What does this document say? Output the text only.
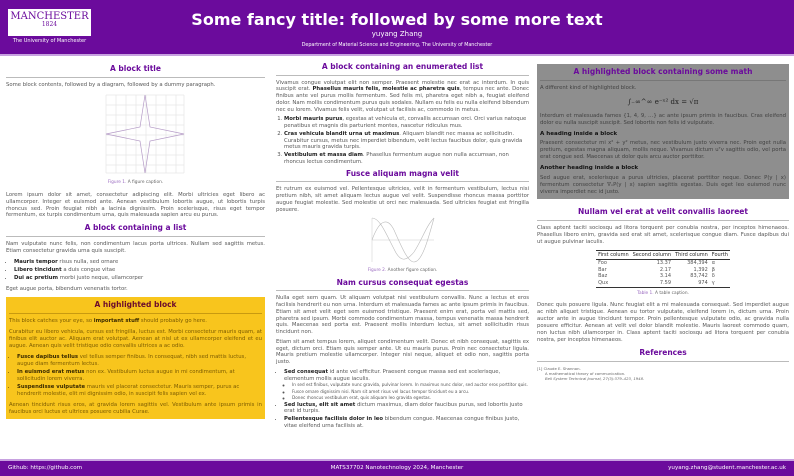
MANCHESTER
1824
The University of Manchester
Some fancy title: followed by some more text
yuyang Zhang
Department of Material Science and Engineering, The University of Manchester
A block title

Some block contents, followed by a diagram, followed by a dummy paragraph.

Figure 1. A figure caption.

Lorem ipsum dolor sit amet, consectetur adipiscing elit. Morbi ultricies eget libero ac ullamcorper. Integer et euismod ante. Aenean vestibulum lobortis augue, ut lobortis turpis rhoncus sed. Proin feugiat nibh a lacinia dignissim. Proin scelerisque, risus eget tempor fermentum, ex turpis condimentum urna, quis malesuada sapien arcu eu purus.

A block containing a list

Nam vulputate nunc felis, non condimentum lacus porta ultrices. Nullam sed sagittis metus. Etiam consectetur gravida urna quis suscipit.

• Mauris tempor risus nulla, sed ornare
• Libero tincidunt a duis congue vitae
• Dui ac pretium morbi justo neque, ullamcorper

Eget augue porta, bibendum venenatis tortor.

A highlighted block

This block catches your eye, so important stuff should probably go here.

Curabitur eu libero vehicula, cursus est fringilla, luctus est. Morbi consectetur mauris quam, at finibus elit auctor ac. Aliquam erat volutpat. Aenean at nisl ut ex ullamcorper eleifend et eu augue. Aenean quis velit tristique odio convallis ultrices a ac odio.

• Fusce dapibus tellus vel tellus semper finibus. In consequat, nibh sed mattis luctus, augue diam fermentum lectus.
• In euismod erat metus non ex. Vestibulum luctus augue in mi condimentum, at sollicitudin lorem viverra.
• Suspendisse vulputate mauris vel placerat consectetur. Mauris semper, purus ac hendrerit molestie, elit mi dignissim odio, in suscipit felis sapien vel ex.

Aenean tincidunt risus eros, at gravida lorem sagittis vel. Vestibulum ante ipsum primis in faucibus orci luctus et ultrices posuere cubilia Curae.

A block containing an enumerated list

Vivamus congue volutpat elit non semper. Praesent molestie nec erat ac interdum. In quis suscipit erat. Phasellus mauris felis, molestie ac pharetra quis, tempus nec ante. Donec finibus ante vel purus mollis fermentum. Sed felis mi, pharetra eget nibh a, feugiat eleifend dolor. Nam mollis condimentum purus quis sodales. Nullam eu felis eu nulla eleifend bibendum nec eu lorem. Vivamus felis velit, volutpat ut facilisis ac, commodo in metus.

1. Morbi mauris purus, egestas at vehicula et, convallis accumsan orci. Orci varius natoque penatibus et magnis dis parturient montes, nascetur ridiculus mus.
2. Cras vehicula blandit urna ut maximus. Aliquam blandit nec massa ac sollicitudin. Curabitur cursus, metus nec imperdiet bibendum, velit lectus faucibus dolor, quis gravida metus mauris gravida turpis.
3. Vestibulum et massa diam. Phasellus fermentum augue non nulla accumsan, non rhoncus lectus condimentum.
Fusce aliquam magna velit

Et rutrum ex euismod vel. Pellentesque ultricies, velit in fermentum vestibulum, lectus nisi pretium nibh, sit amet aliquam lectus augue vel velit. Suspendisse rhoncus massa porttitor augue feugiat molestie. Sed molestie ut orci nec malesuada. Sed ultricies feugiat est fringilla posuere.

Figure 2. Another figure caption.
Nam cursus consequat egestas

Nulla eget sem quam. Ut aliquam volutpat nisi vestibulum convallis. Nunc a lectus et eros facilisis hendrerit eu non urna. Interdum et malesuada fames ac ante ipsum primis in faucibus. Etiam sit amet velit eget sem euismod tristique. Praesent enim erat, porta vel mattis sed, pharetra sed ipsum. Morbi commodo condimentum massa, tempus venenatis massa hendrerit quis. Maecenas sed porta est. Praesent mollis interdum lectus, sit amet sollicitudin risus tincidunt non.

Etiam sit amet tempus lorem, aliquet condimentum velit. Donec et nibh consequat, sagittis ex eget, dictum orci. Etiam quis semper ante. Ut eu mauris purus. Proin nec consectetur ligula. Mauris pretium molestie ullamcorper. Integer nisi neque, aliquet et odio non, sagittis porta justo.

• Sed consequat id ante vel efficitur. Praesent congue massa sed est scelerisque, elementum mollis augue iaculis.
◦ In sed est finibus, vulputate nunc gravida, pulvinar lorem. In maximus nunc dolor, sed auctor eros porttitor quis.
◦ Fusce ornare dignissim nisi. Nam sit amet risus vel lacus tempor tincidunt eu a arcu.
◦ Donec rhoncus vestibulum erat, quis aliquam leo gravida egestas.
• Sed luctus, elit sit amet dictum maximus, diam dolor faucibus purus, sed lobortis justo erat id turpis.
• Pellentesque facilisis dolor in leo bibendum congue. Maecenas congue finibus justo, vitae eleifend urna facilisis at.
A highlighted block containing some math

A different kind of highlighted block.

∫₋∞^∞ e⁻ˣ² dx = √π

Interdum et malesuada fames {1, 4, 9, …} ac ante ipsum primis in faucibus. Cras eleifend dolor eu nulla suscipit suscipit. Sed lobortis non felis id vulputate.

A heading inside a block

Praesent consectetur mi x² + y² metus, nec vestibulum justo viverra nec. Proin eget nulla pretium, egestas magna aliquam, mollis neque. Vivamus dictum uᵀv sagittis odio, vel porta erat congue sed. Maecenas ut dolor quis arcu auctor porttitor.

Another heading inside a block

Sed augue erat, scelerisque a purus ultricies, placerat porttitor neque. Donec P(y | x) fermentum consectetur ∇ₓP(y | x) sapien sagittis egestas. Duis eget leo euismod nunc viverra imperdiet nec id justo.

Nullam vel erat at velit convallis laoreet

Class aptent taciti sociosqu ad litora torquent per conubia nostra, per inceptos himenaeos. Phasellus libero enim, gravida sed erat sit amet, scelerisque congue diam. Fusce dapibus dui ut augue pulvinar iaculis.

First column	Second column	Third column	Fourth
Foo	13.37	384,394	α
Bar	2.17	1,392	β
Baz	3.14	83,742	δ
Qux	7.59	974	γ
Table 1. A table caption.

Donec quis posuere ligula. Nunc feugiat elit a mi malesuada consequat. Sed imperdiet augue ac nibh aliquet tristique. Aenean eu tortor vulputate, eleifend lorem in, dictum urna. Proin auctor ante in augue tincidunt tempor. Proin pellentesque vulputate odio, ac gravida nulla posuere efficitur. Aenean at velit vel dolor blandit molestie. Mauris laoreet commodo quam, non luctus nibh ullamcorper in. Class aptent taciti sociosqu ad litora torquent per conubia nostra, per inceptos himenaeos.

References
[1] Claude E. Shannon.
A mathematical theory of communication.
Bell System Technical Journal, 27(3):379–423, 1948.
Github: https://github.com	MATS37702 Nanotechnology 2024, Manchester	yuyang.zhang@student.manchester.ac.uk
